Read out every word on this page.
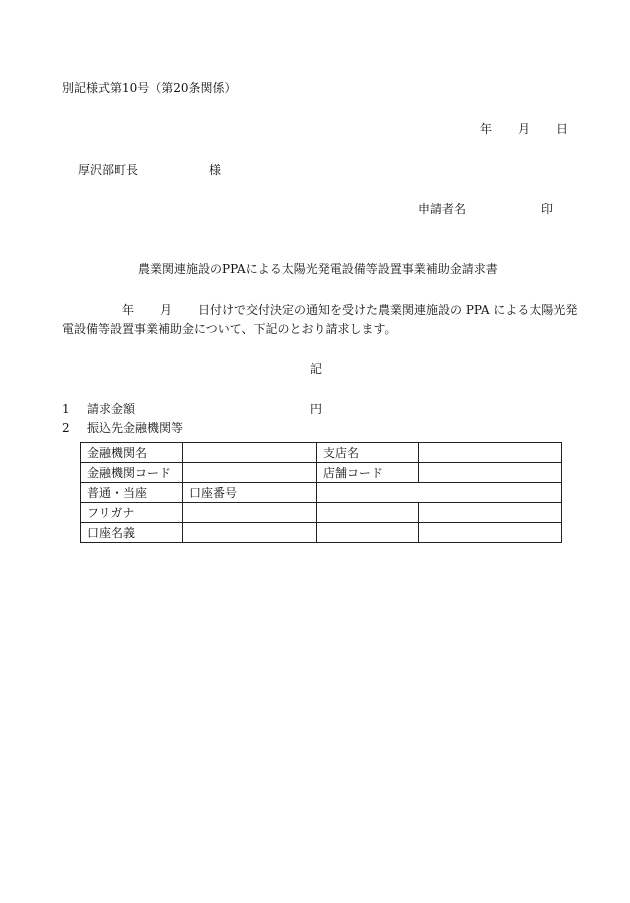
別記様式第10号（第20条関係）
年 月 日
厚沢部町長	様
申請者名	印
農業関連施設のPPAによる太陽光発電設備等設置事業補助金請求書
年 月 日付けで交付決定の通知を受けた農業関連施設の PPA による太陽光発電設備等設置事業補助金について、下記のとおり請求します。
記
1 請求金額	円
2 振込先金融機関等
金融機関名		支店名	
金融機関コード		店舗コード	
普通・当座	口座番号		
フリガナ			
口座名義			
